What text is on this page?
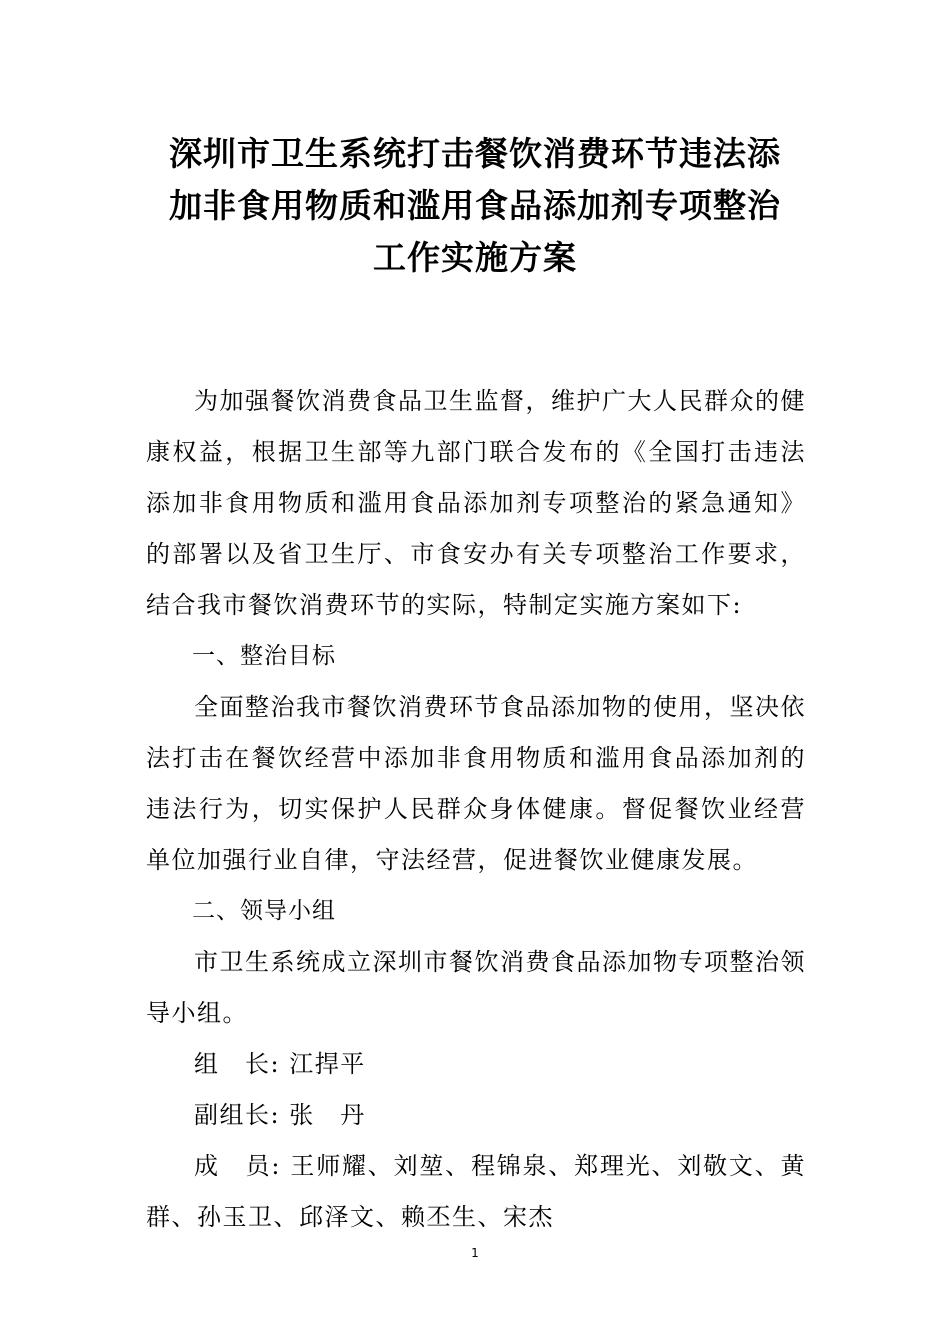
深圳市卫生系统打击餐饮消费环节违法添
加非食用物质和滥用食品添加剂专项整治
工作实施方案

为加强餐饮消费食品卫生监督，维护广大人民群众的健康权益，根据卫生部等九部门联合发布的《全国打击违法添加非食用物质和滥用食品添加剂专项整治的紧急通知》的部署以及省卫生厅、市食安办有关专项整治工作要求，结合我市餐饮消费环节的实际，特制定实施方案如下:

一、整治目标

全面整治我市餐饮消费环节食品添加物的使用，坚决依法打击在餐饮经营中添加非食用物质和滥用食品添加剂的违法行为，切实保护人民群众身体健康。督促餐饮业经营单位加强行业自律，守法经营，促进餐饮业健康发展。

二、领导小组

市卫生系统成立深圳市餐饮消费食品添加物专项整治领导小组。

组　长: 江捍平

副组长: 张　丹

成　员: 王师耀、刘堃、程锦泉、郑理光、刘敬文、黄群、孙玉卫、邱泽文、赖丕生、宋杰

1
